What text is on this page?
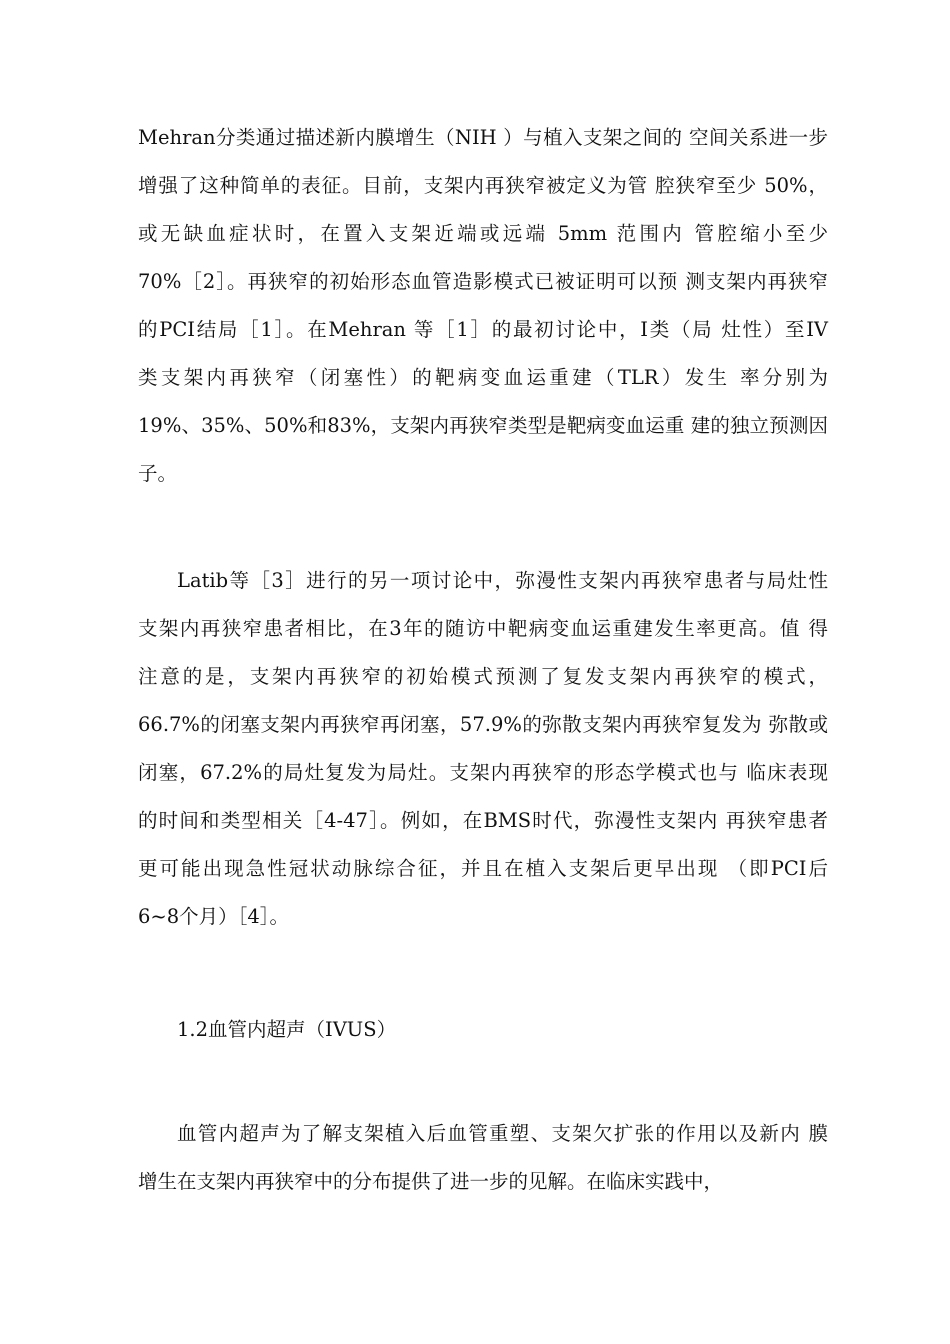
Mehran分类通过描述新内膜增生（NIH ）与植入支架之间的 空间关系进一步
增强了这种简单的表征。目前，支架内再狭窄被定义为管 腔狭窄至少 50%，
或无缺血症状时，在置入支架近端或远端 5mm 范围内 管腔缩小至少
70%［2］。再狭窄的初始形态血管造影模式已被证明可以预 测支架内再狭窄
的PCI结局［1］。在Mehran 等［1］的最初讨论中，I类（局 灶性）至IV
类支架内再狭窄（闭塞性）的靶病变血运重建（TLR）发生 率分别为
19%、35%、50%和83%，支架内再狭窄类型是靶病变血运重 建的独立预测因
子。
Latib等［3］进行的另一项讨论中，弥漫性支架内再狭窄患者与局灶性
支架内再狭窄患者相比，在3年的随访中靶病变血运重建发生率更高。值 得
注意的是，支架内再狭窄的初始模式预测了复发支架内再狭窄的模式，
66.7%的闭塞支架内再狭窄再闭塞，57.9%的弥散支架内再狭窄复发为 弥散或
闭塞，67.2%的局灶复发为局灶。支架内再狭窄的形态学模式也与 临床表现
的时间和类型相关［4-47］。例如，在BMS时代，弥漫性支架内 再狭窄患者
更可能出现急性冠状动脉综合征，并且在植入支架后更早出现 （即PCI后
6~8个月）［4］。
1.2血管内超声（IVUS）
血管内超声为了解支架植入后血管重塑、支架欠扩张的作用以及新内 膜
增生在支架内再狭窄中的分布提供了进一步的见解。在临床实践中，
